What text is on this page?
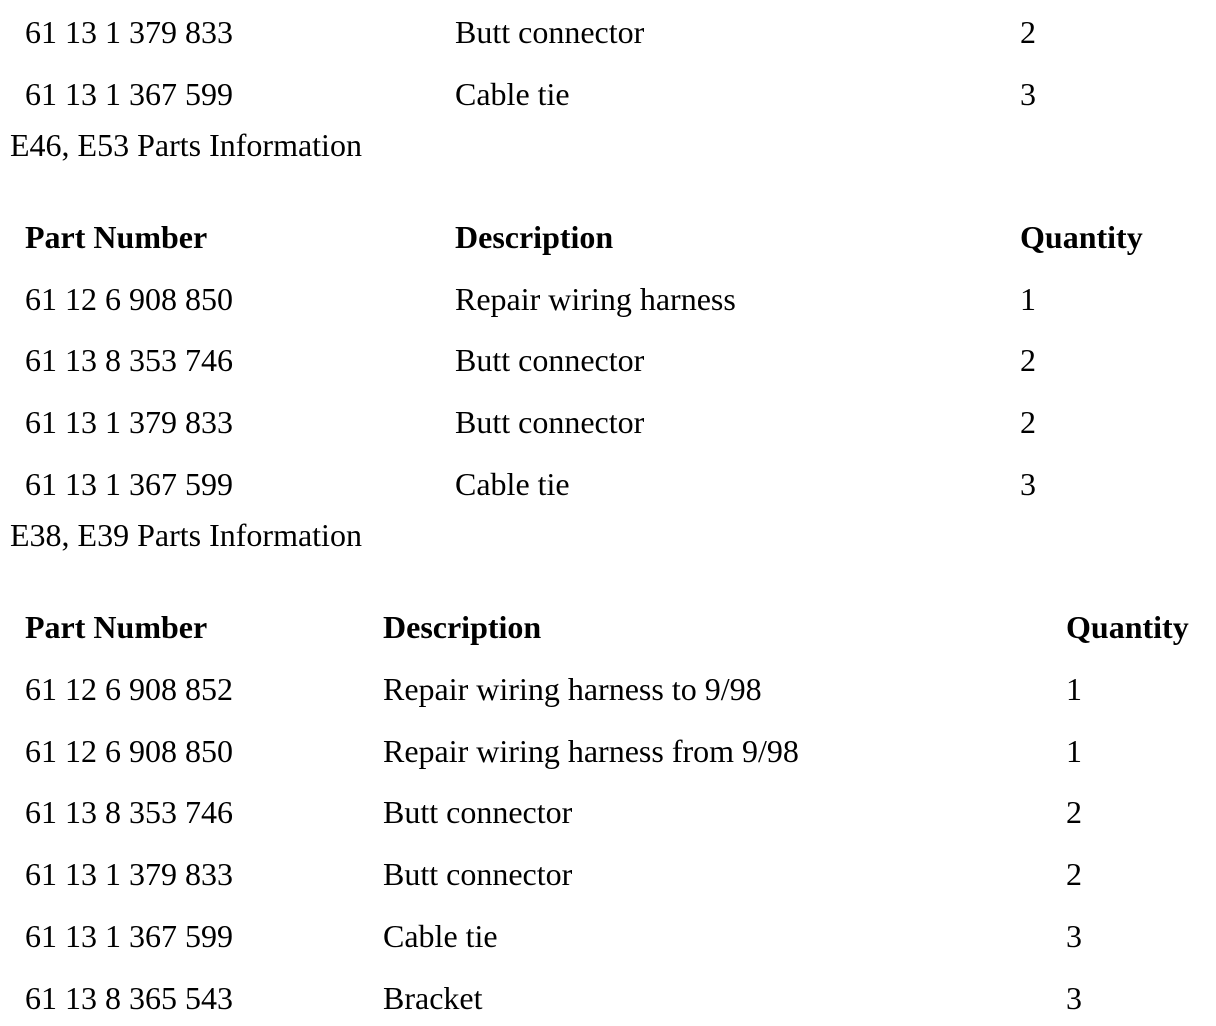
61 13 1 379 833	Butt connector	2
61 13 1 367 599	Cable tie	3
E46, E53 Parts Information
Part Number	Description	Quantity
61 12 6 908 850	Repair wiring harness	1
61 13 8 353 746	Butt connector	2
61 13 1 379 833	Butt connector	2
61 13 1 367 599	Cable tie	3
E38, E39 Parts Information
Part Number	Description	Quantity
61 12 6 908 852	Repair wiring harness to 9/98	1
61 12 6 908 850	Repair wiring harness from 9/98	1
61 13 8 353 746	Butt connector	2
61 13 1 379 833	Butt connector	2
61 13 1 367 599	Cable tie	3
61 13 8 365 543	Bracket	3
